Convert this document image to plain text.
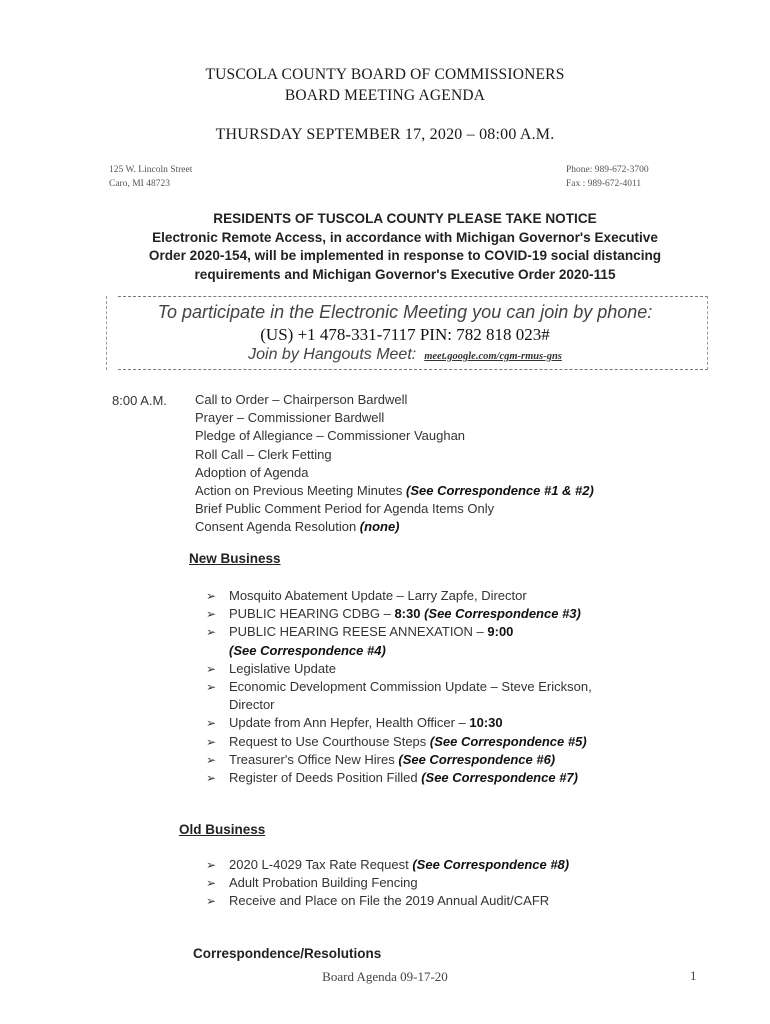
TUSCOLA COUNTY BOARD OF COMMISSIONERS
BOARD MEETING AGENDA
THURSDAY SEPTEMBER 17, 2020 – 08:00 A.M.
125 W. Lincoln Street
Caro, MI 48723
Phone: 989-672-3700
Fax : 989-672-4011
RESIDENTS OF TUSCOLA COUNTY PLEASE TAKE NOTICE
Electronic Remote Access, in accordance with Michigan Governor's Executive
Order 2020-154, will be implemented in response to COVID-19 social distancing
requirements and Michigan Governor's Executive Order 2020-115
To participate in the Electronic Meeting you can join by phone:
(US) +1 478-331-7117 PIN: 782 818 023#
Join by Hangouts Meet: meet.google.com/cgm-rmus-gns
8:00 A.M. Call to Order – Chairperson Bardwell
Prayer – Commissioner Bardwell
Pledge of Allegiance – Commissioner Vaughan
Roll Call – Clerk Fetting
Adoption of Agenda
Action on Previous Meeting Minutes (See Correspondence #1 & #2)
Brief Public Comment Period for Agenda Items Only
Consent Agenda Resolution (none)
New Business
➢ Mosquito Abatement Update – Larry Zapfe, Director
➢ PUBLIC HEARING CDBG – 8:30 (See Correspondence #3)
➢ PUBLIC HEARING REESE ANNEXATION – 9:00
(See Correspondence #4)
➢ Legislative Update
➢ Economic Development Commission Update – Steve Erickson,
Director
➢ Update from Ann Hepfer, Health Officer – 10:30
➢ Request to Use Courthouse Steps (See Correspondence #5)
➢ Treasurer's Office New Hires (See Correspondence #6)
➢ Register of Deeds Position Filled (See Correspondence #7)
Old Business
➢ 2020 L-4029 Tax Rate Request (See Correspondence #8)
➢ Adult Probation Building Fencing
➢ Receive and Place on File the 2019 Annual Audit/CAFR
Correspondence/Resolutions
Board Agenda 09-17-20	1
